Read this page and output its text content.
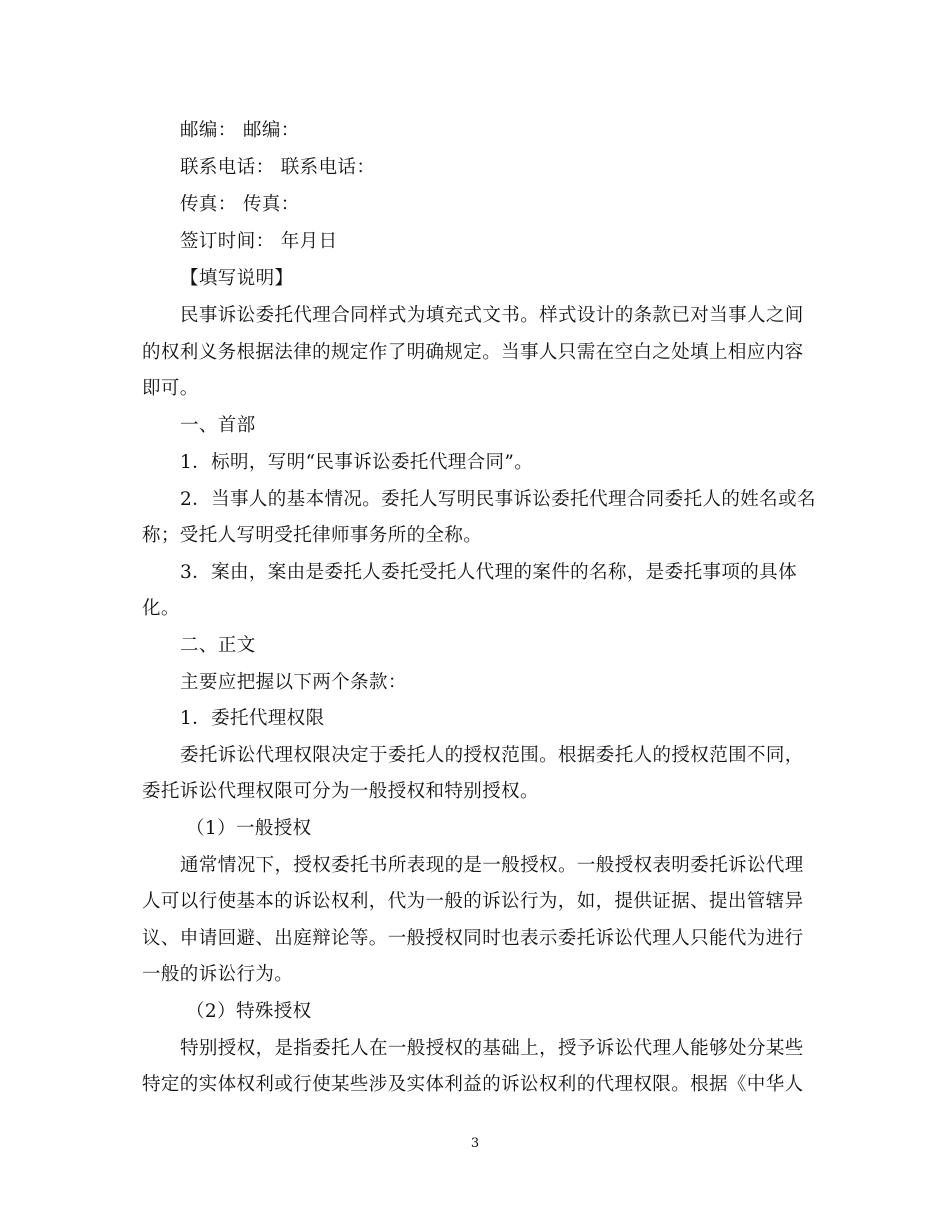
邮编： 邮编：
联系电话： 联系电话：
传真： 传真：
签订时间： 年月日
【填写说明】
民事诉讼委托代理合同样式为填充式文书。样式设计的条款已对当事人之间
的权利义务根据法律的规定作了明确规定。当事人只需在空白之处填上相应内容
即可。
一、首部
1．标明，写明“民事诉讼委托代理合同”。
2．当事人的基本情况。委托人写明民事诉讼委托代理合同委托人的姓名或名
称；受托人写明受托律师事务所的全称。
3．案由，案由是委托人委托受托人代理的案件的名称，是委托事项的具体
化。
二、正文
主要应把握以下两个条款：
1．委托代理权限
委托诉讼代理权限决定于委托人的授权范围。根据委托人的授权范围不同，
委托诉讼代理权限可分为一般授权和特别授权。
（1）一般授权
通常情况下，授权委托书所表现的是一般授权。一般授权表明委托诉讼代理
人可以行使基本的诉讼权利，代为一般的诉讼行为，如，提供证据、提出管辖异
议、申请回避、出庭辩论等。一般授权同时也表示委托诉讼代理人只能代为进行
一般的诉讼行为。
（2）特殊授权
特别授权，是指委托人在一般授权的基础上，授予诉讼代理人能够处分某些
特定的实体权利或行使某些涉及实体利益的诉讼权利的代理权限。根据《中华人
3
